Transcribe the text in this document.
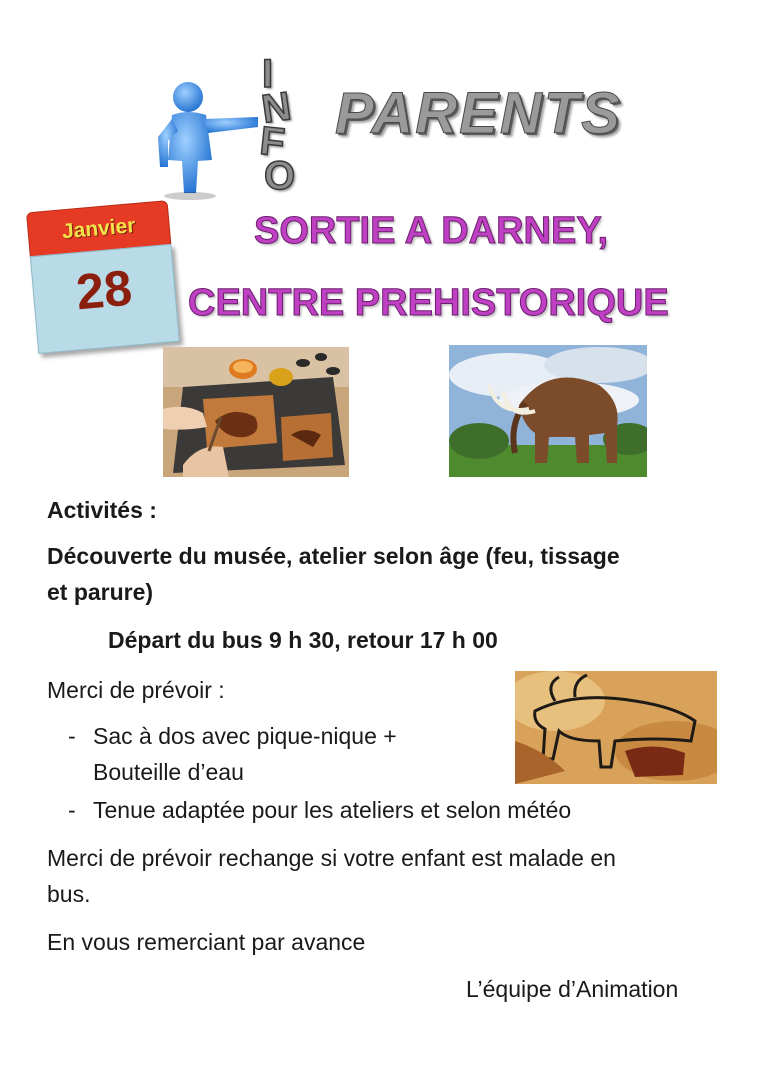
I
N
F
O
PARENTS
Janvier
28
SORTIE A DARNEY,
CENTRE PREHISTORIQUE
Activités :
Découverte du musée, atelier selon âge (feu, tissage
et parure)
Départ du bus 9 h 30, retour 17 h 00
Merci de prévoir :
- Sac à dos avec pique-nique +
Bouteille d’eau
- Tenue adaptée pour les ateliers et selon météo
Merci de prévoir rechange si votre enfant est malade en
bus.
En vous remerciant par avance
L’équipe d’Animation
